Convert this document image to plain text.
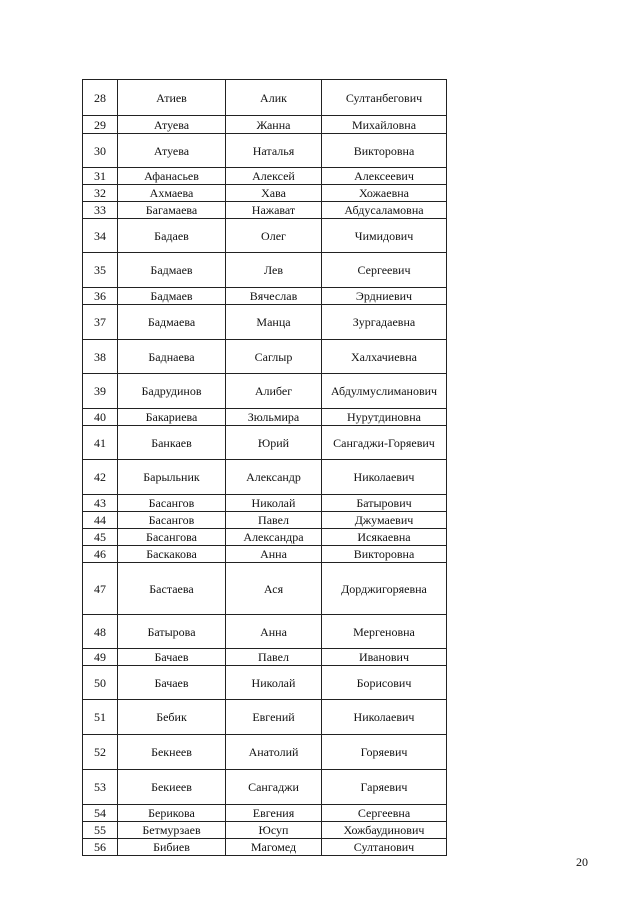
28	Атиев	Алик	Султанбегович
29	Атуева	Жанна	Михайловна
30	Атуева	Наталья	Викторовна
31	Афанасьев	Алексей	Алексеевич
32	Ахмаева	Хава	Хожаевна
33	Багамаева	Нажават	Абдусаламовна
34	Бадаев	Олег	Чимидович
35	Бадмаев	Лев	Сергеевич
36	Бадмаев	Вячеслав	Эрдниевич
37	Бадмаева	Манца	Зургадаевна
38	Баднаева	Саглыр	Халхачиевна
39	Бадрудинов	Алибег	Абдулмуслиманович
40	Бакариева	Зюльмира	Нурутдиновна
41	Банкаев	Юрий	Сангаджи-Горяевич
42	Барыльник	Александр	Николаевич
43	Басангов	Николай	Батырович
44	Басангов	Павел	Джумаевич
45	Басангова	Александра	Исякаевна
46	Баскакова	Анна	Викторовна
47	Бастаева	Ася	Дорджигоряевна
48	Батырова	Анна	Мергеновна
49	Бачаев	Павел	Иванович
50	Бачаев	Николай	Борисович
51	Бебик	Евгений	Николаевич
52	Бекнеев	Анатолий	Горяевич
53	Бекиеев	Сангаджи	Гаряевич
54	Берикова	Евгения	Сергеевна
55	Бетмурзаев	Юсуп	Хожбаудинович
56	Бибиев	Магомед	Султанович
20
